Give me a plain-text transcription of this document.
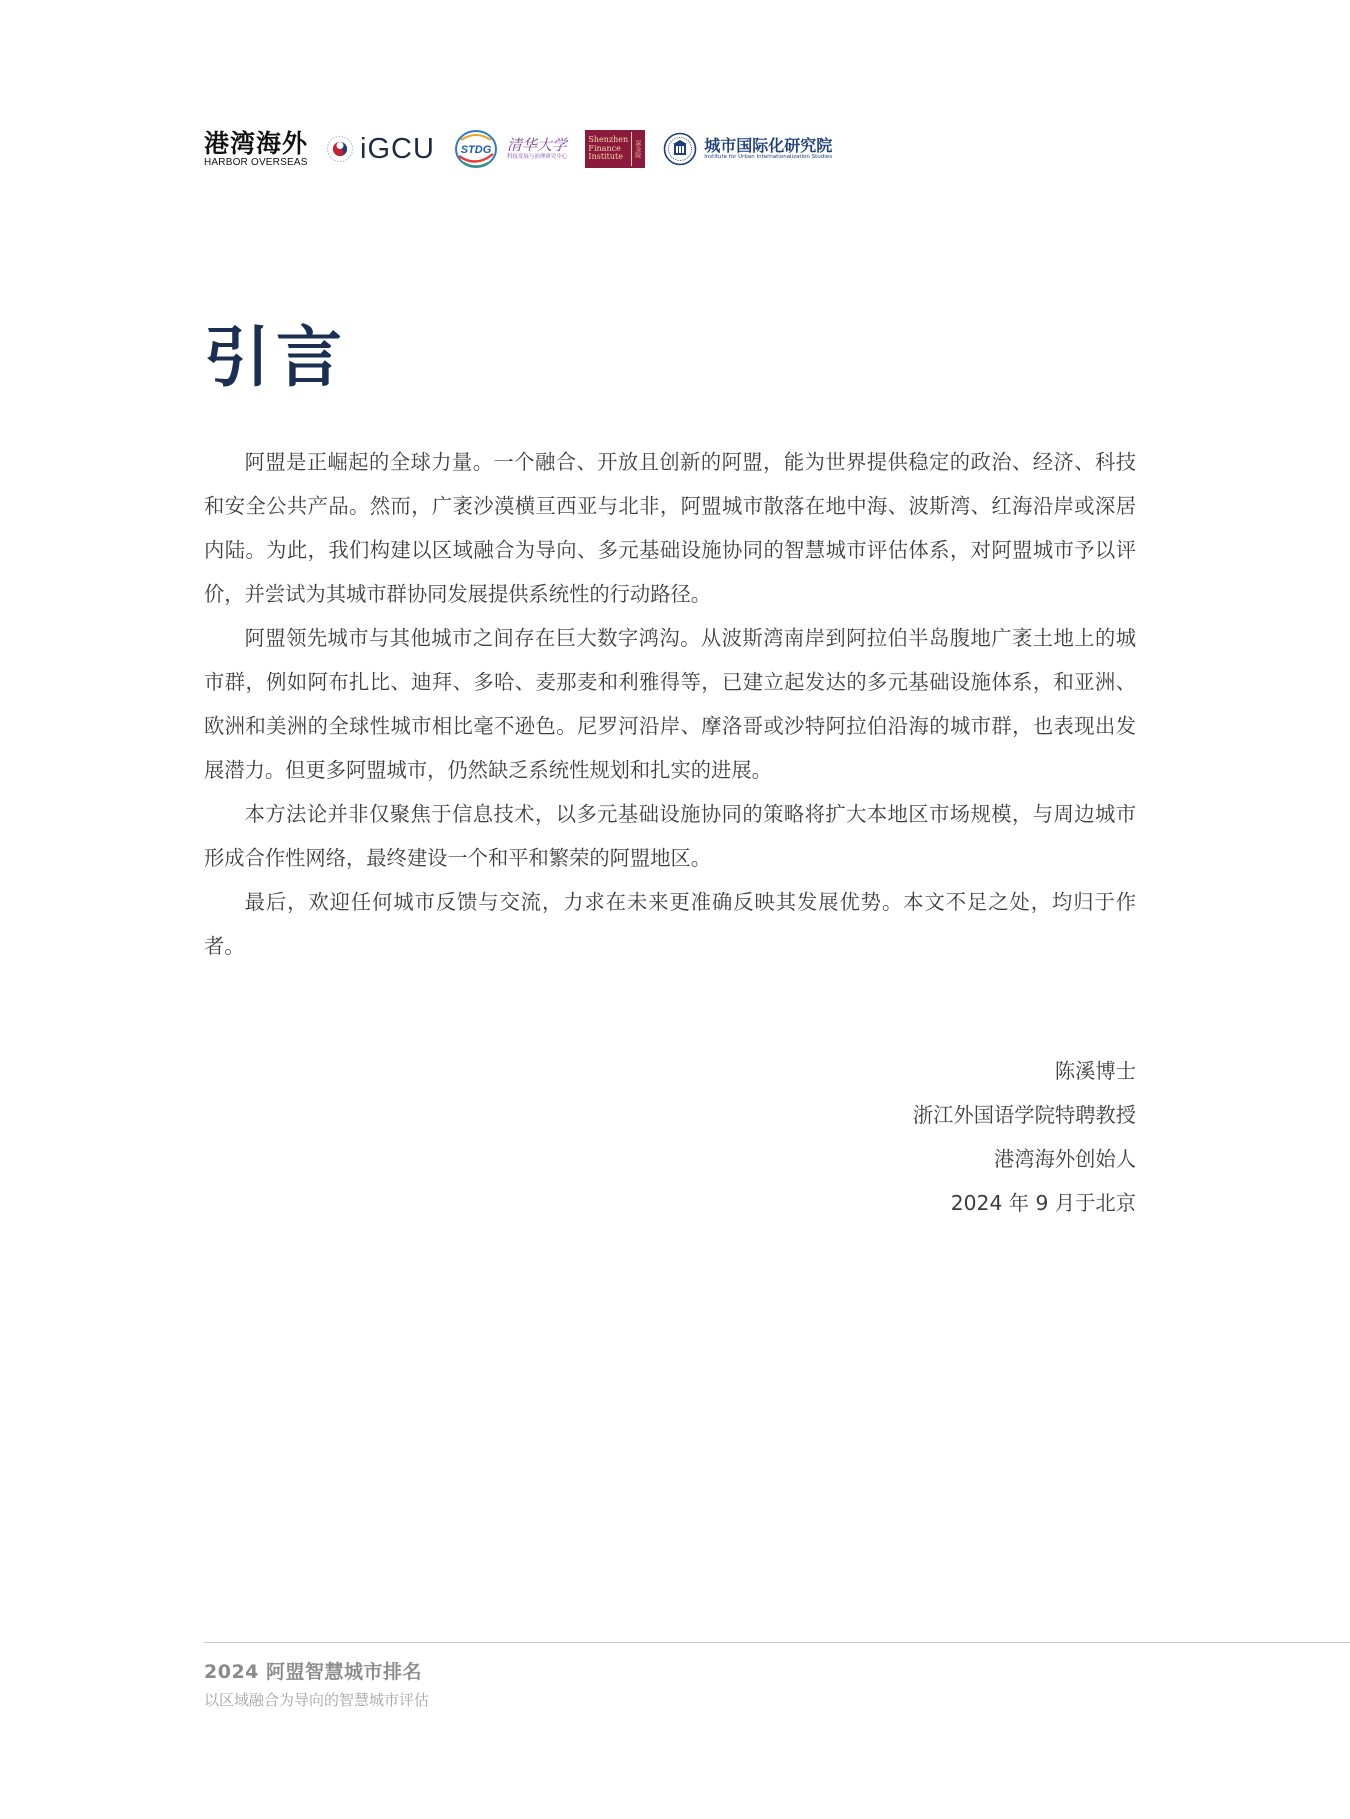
港湾海外
HARBOR OVERSEAS iGCU STDG 清华大学
科技发展与治理研究中心
Shenzhen
Finance
Institute	深金院	城市国际化研究院
Institute for Urban Internationalization Studies
引言

阿盟是正崛起的全球力量。一个融合、开放且创新的阿盟，能为世界提供稳定的政治、经济、科技和安全公共产品。然而，广袤沙漠横亘西亚与北非，阿盟城市散落在地中海、波斯湾、红海沿岸或深居内陆。为此，我们构建以区域融合为导向、多元基础设施协同的智慧城市评估体系，对阿盟城市予以评价，并尝试为其城市群协同发展提供系统性的行动路径。

阿盟领先城市与其他城市之间存在巨大数字鸿沟。从波斯湾南岸到阿拉伯半岛腹地广袤土地上的城市群，例如阿布扎比、迪拜、多哈、麦那麦和利雅得等，已建立起发达的多元基础设施体系，和亚洲、欧洲和美洲的全球性城市相比毫不逊色。尼罗河沿岸、摩洛哥或沙特阿拉伯沿海的城市群，也表现出发展潜力。但更多阿盟城市，仍然缺乏系统性规划和扎实的进展。

本方法论并非仅聚焦于信息技术，以多元基础设施协同的策略将扩大本地区市场规模，与周边城市形成合作性网络，最终建设一个和平和繁荣的阿盟地区。

最后，欢迎任何城市反馈与交流，力求在未来更准确反映其发展优势。本文不足之处，均归于作者。

陈溪博士
浙江外国语学院特聘教授
港湾海外创始人
2024 年 9 月于北京
2024 阿盟智慧城市排名
以区域融合为导向的智慧城市评估
